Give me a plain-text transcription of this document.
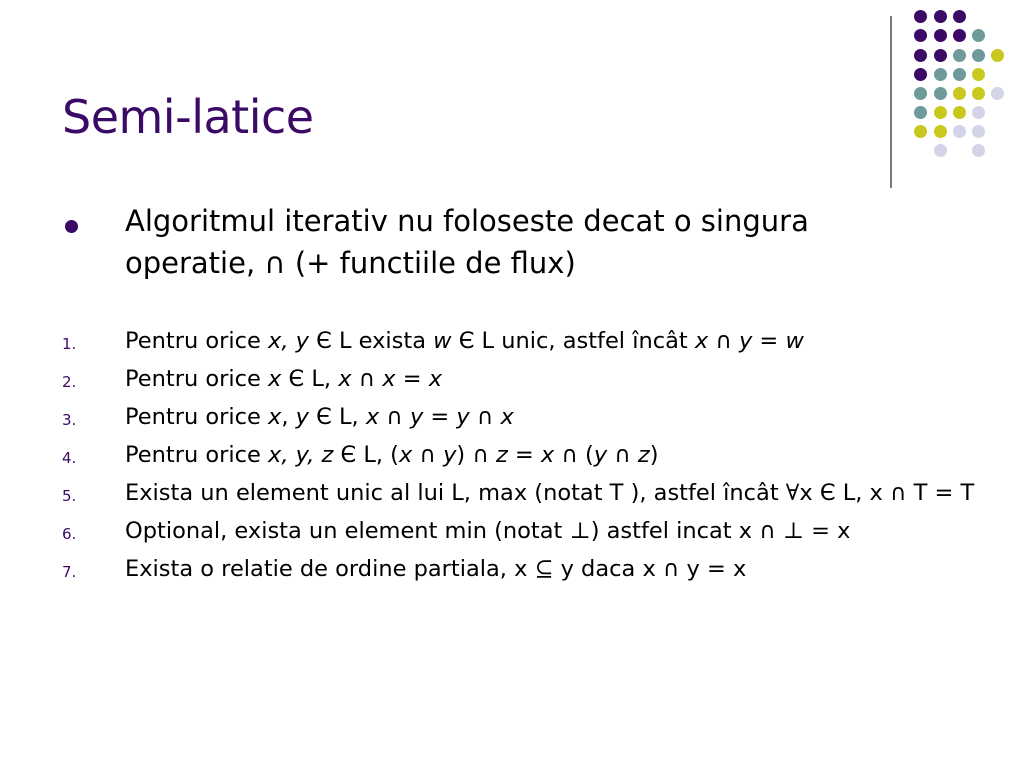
Semi-latice
Algoritmul iterativ nu foloseste decat o singura
operatie, ∩ (+ functiile de flux)
1. Pentru orice x, y Є L exista w Є L unic, astfel încât x ∩ y = w
2. Pentru orice x Є L, x ∩ x = x
3. Pentru orice x, y Є L, x ∩ y = y ∩ x
4. Pentru orice x, y, z Є L, (x ∩ y) ∩ z = x ∩ (y ∩ z)
5. Exista un element unic al lui L, max (notat T ), astfel încât ∀x Є L, x ∩ T = T
6. Optional, exista un element min (notat ⊥) astfel incat x ∩ ⊥ = x
7. Exista o relatie de ordine partiala, x ⊆ y daca x ∩ y = x
